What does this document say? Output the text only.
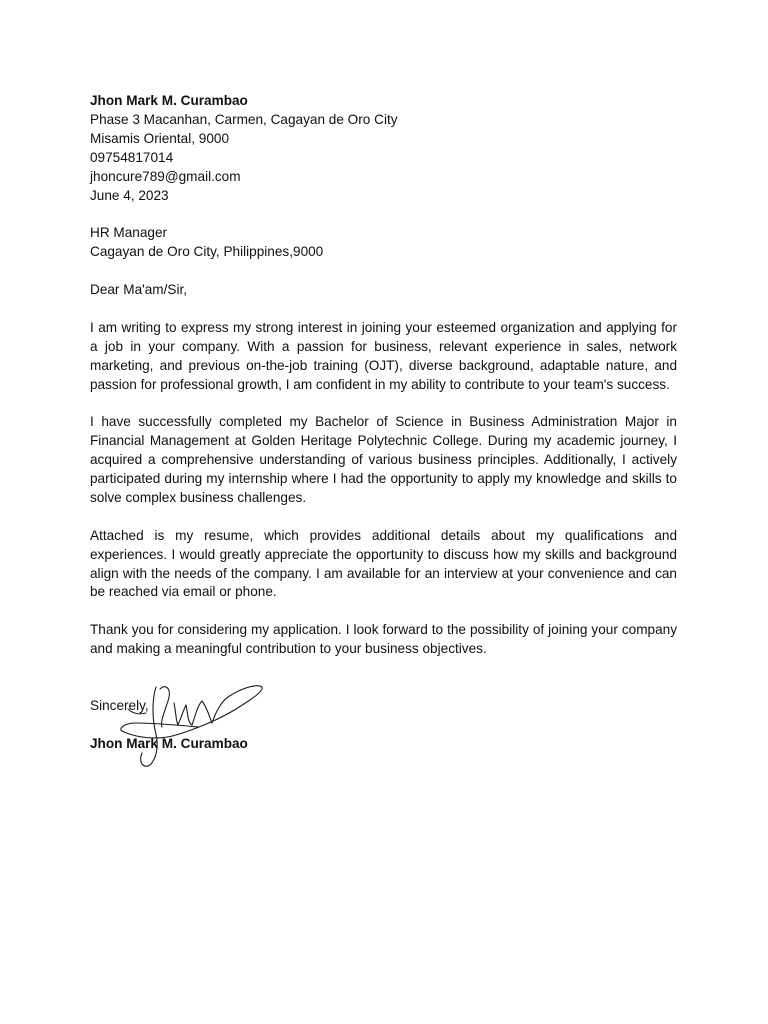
Jhon Mark M. Curambao
Phase 3 Macanhan, Carmen, Cagayan de Oro City
Misamis Oriental, 9000
09754817014
jhoncure789@gmail.com
June 4, 2023
HR Manager
Cagayan de Oro City, Philippines,9000
Dear Ma'am/Sir,

I am writing to express my strong interest in joining your esteemed organization and applying for a job in your company. With a passion for business, relevant experience in sales, network marketing, and previous on-the-job training (OJT), diverse background, adaptable nature, and passion for professional growth, I am confident in my ability to contribute to your team's success.

I have successfully completed my Bachelor of Science in Business Administration Major in Financial Management at Golden Heritage Polytechnic College. During my academic journey, I acquired a comprehensive understanding of various business principles. Additionally, I actively participated during my internship where I had the opportunity to apply my knowledge and skills to solve complex business challenges.

Attached is my resume, which provides additional details about my qualifications and experiences. I would greatly appreciate the opportunity to discuss how my skills and background align with the needs of the company. I am available for an interview at your convenience and can be reached via email or phone.

Thank you for considering my application. I look forward to the possibility of joining your company and making a meaningful contribution to your business objectives.

Sincerely,
Jhon Mark M. Curambao
